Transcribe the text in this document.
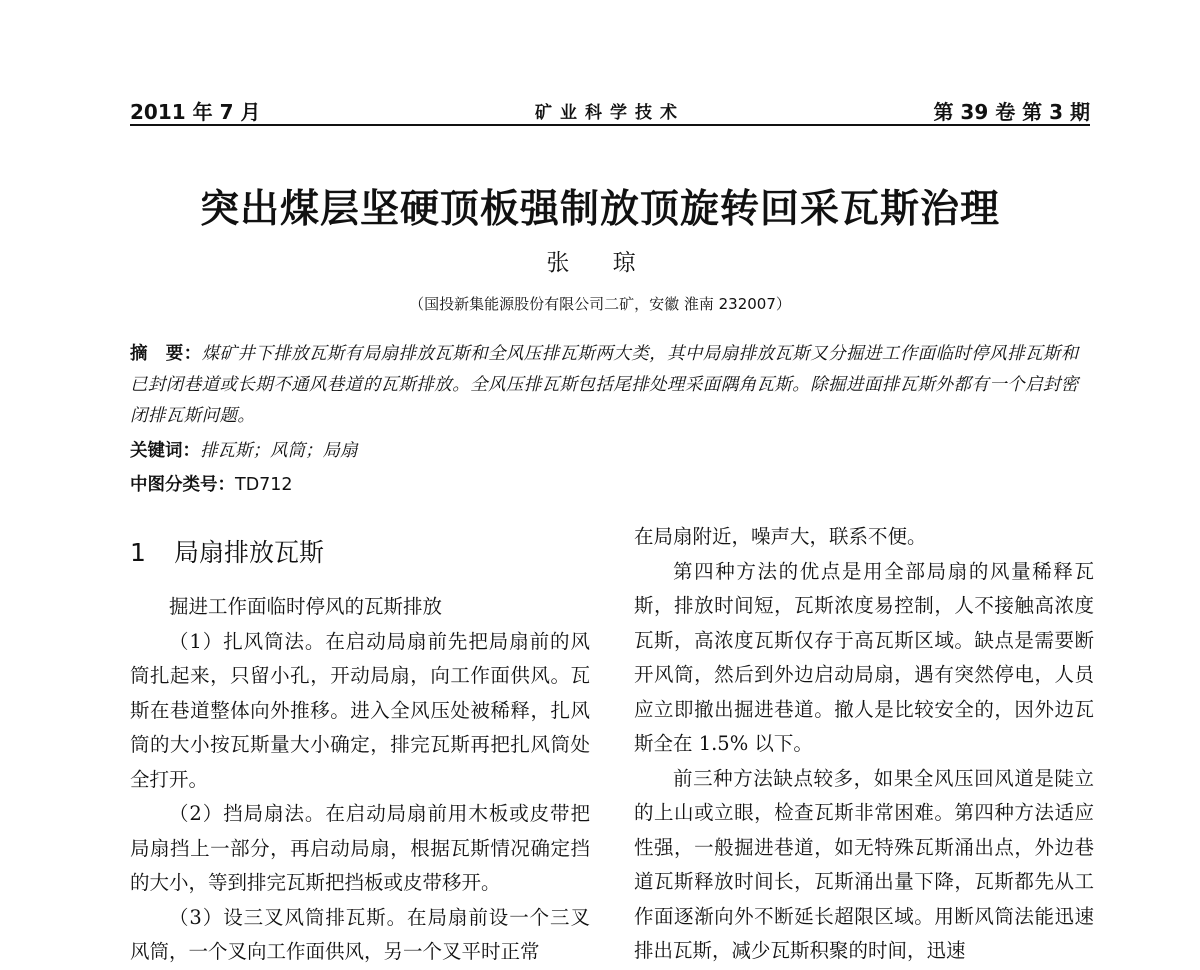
2011 年 7 月	矿业科学技术	第 39 卷 第 3 期
突出煤层坚硬顶板强制放顶旋转回采瓦斯治理
张 琼
（国投新集能源股份有限公司二矿，安徽 淮南 232007）
摘　要：煤矿井下排放瓦斯有局扇排放瓦斯和全风压排瓦斯两大类，其中局扇排放瓦斯又分掘进工作面临时停风排瓦斯和已封闭巷道或长期不通风巷道的瓦斯排放。全风压排瓦斯包括尾排处理采面隅角瓦斯。除掘进面排瓦斯外都有一个启封密闭排瓦斯问题。
关键词：排瓦斯；风筒；局扇
中图分类号：TD712
1 局扇排放瓦斯

掘进工作面临时停风的瓦斯排放

（1）扎风筒法。在启动局扇前先把局扇前的风筒扎起来，只留小孔，开动局扇，向工作面供风。瓦斯在巷道整体向外推移。进入全风压处被稀释，扎风筒的大小按瓦斯量大小确定，排完瓦斯再把扎风筒处全打开。

（2）挡局扇法。在启动局扇前用木板或皮带把局扇挡上一部分，再启动局扇，根据瓦斯情况确定挡的大小，等到排完瓦斯把挡板或皮带移开。

（3）设三叉风筒排瓦斯。在局扇前设一个三叉风筒，一个叉向工作面供风，另一个叉平时正常

在局扇附近，噪声大，联系不便。

第四种方法的优点是用全部局扇的风量稀释瓦斯，排放时间短，瓦斯浓度易控制，人不接触高浓度瓦斯，高浓度瓦斯仅存于高瓦斯区域。缺点是需要断开风筒，然后到外边启动局扇，遇有突然停电，人员应立即撤出掘进巷道。撤人是比较安全的，因外边瓦斯全在 1.5% 以下。

前三种方法缺点较多，如果全风压回风道是陡立的上山或立眼，检查瓦斯非常困难。第四种方法适应性强，一般掘进巷道，如无特殊瓦斯涌出点，外边巷道瓦斯释放时间长，瓦斯涌出量下降，瓦斯都先从工作面逐渐向外不断延长超限区域。用断风筒法能迅速排出瓦斯，减少瓦斯积聚的时间，迅速
